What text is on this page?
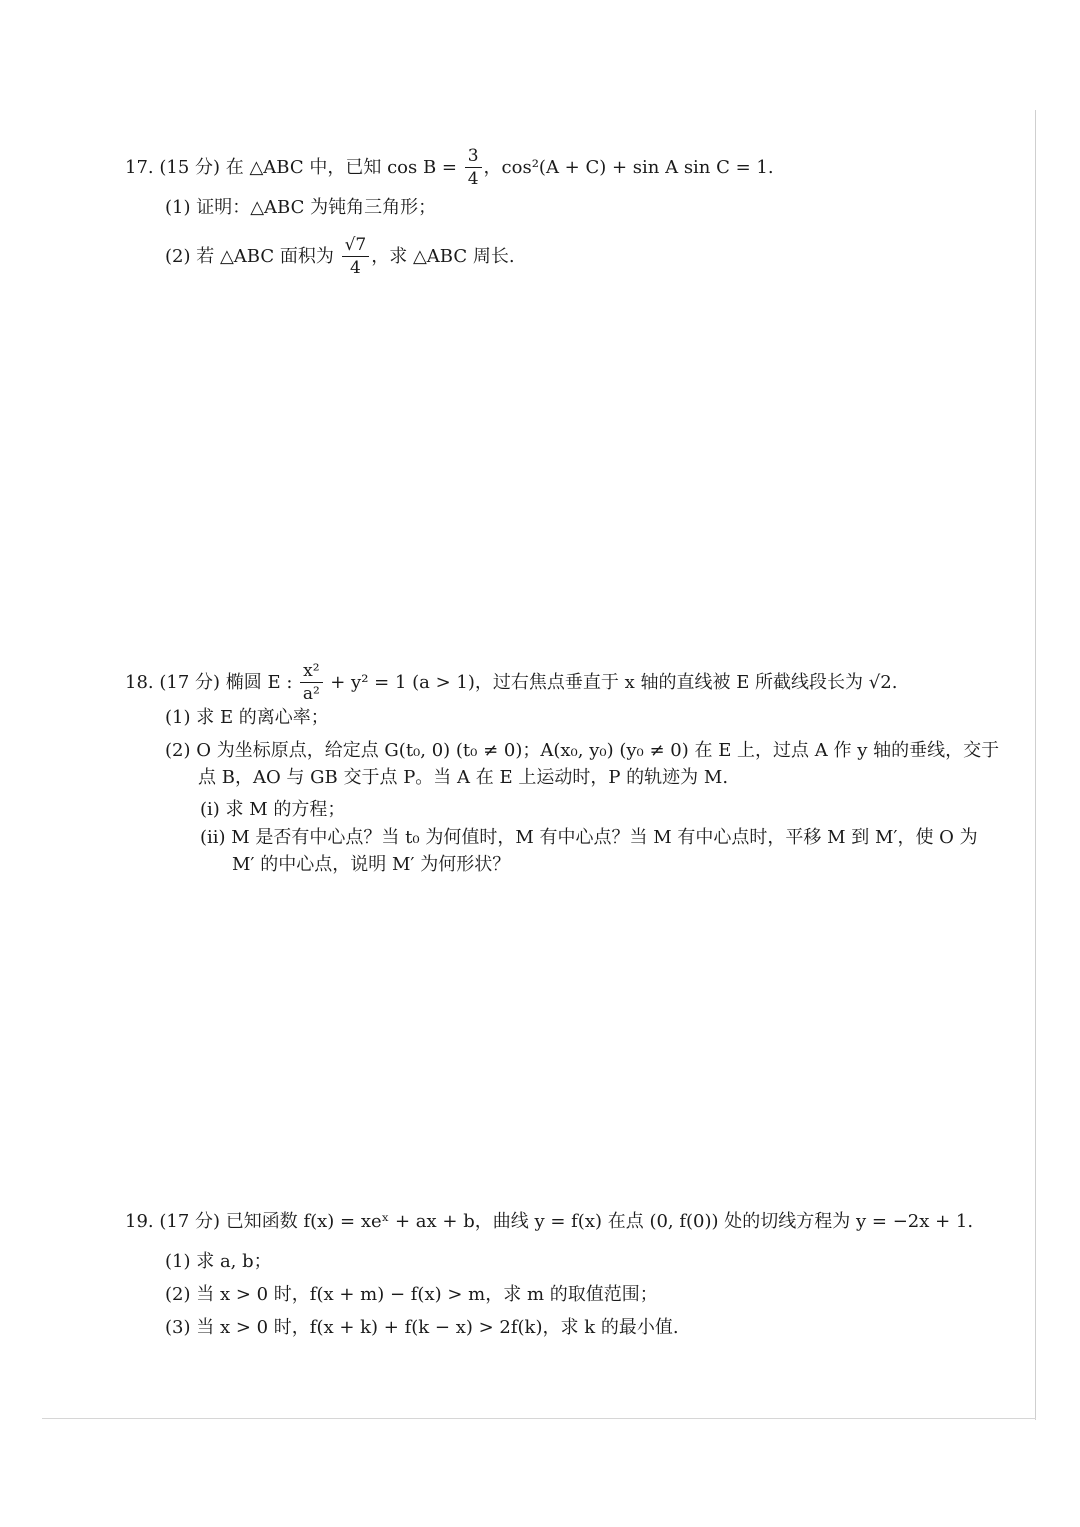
17. (15 分) 在 △ABC 中，已知 $\cos B = \frac{3}{4}$ ，cos²(A + C) + sin A sin C = 1.
(1) 证明：△ABC 为钝角三角形；
(2) 若 △ABC 面积为 $\frac{√7}{4}$ ，求 △ABC 周长.
18. (17 分) 椭圆 E : $\frac{\text{x²}}{\text{a²}} + y^2 = 1$ (a > 1)，过右焦点垂直于 x 轴的直线被 E 所截线段长为 √2.
(1) 求 E 的离心率；
(2) O 为坐标原点，给定点 G(t₀, 0) (t₀ ≠ 0)；A(x₀, y₀) (y₀ ≠ 0) 在 E 上，过点 A 作 y 轴的垂线，交于
点 B，AO 与 GB 交于点 P。当 A 在 E 上运动时，P 的轨迹为 M.
(i) 求 M 的方程；
(ii) M 是否有中心点？当 t₀ 为何值时，M 有中心点？当 M 有中心点时，平移 M 到 M′，使 O 为
M′ 的中心点，说明 M′ 为何形状？
19. (17 分) 已知函数 f(x) = xeˣ + ax + b，曲线 y = f(x) 在点 (0, f(0)) 处的切线方程为 y = −2x + 1.
(1) 求 a, b；
(2) 当 x > 0 时，f(x + m) − f(x) > m，求 m 的取值范围；
(3) 当 x > 0 时，f(x + k) + f(k − x) > 2f(k)，求 k 的最小值.
